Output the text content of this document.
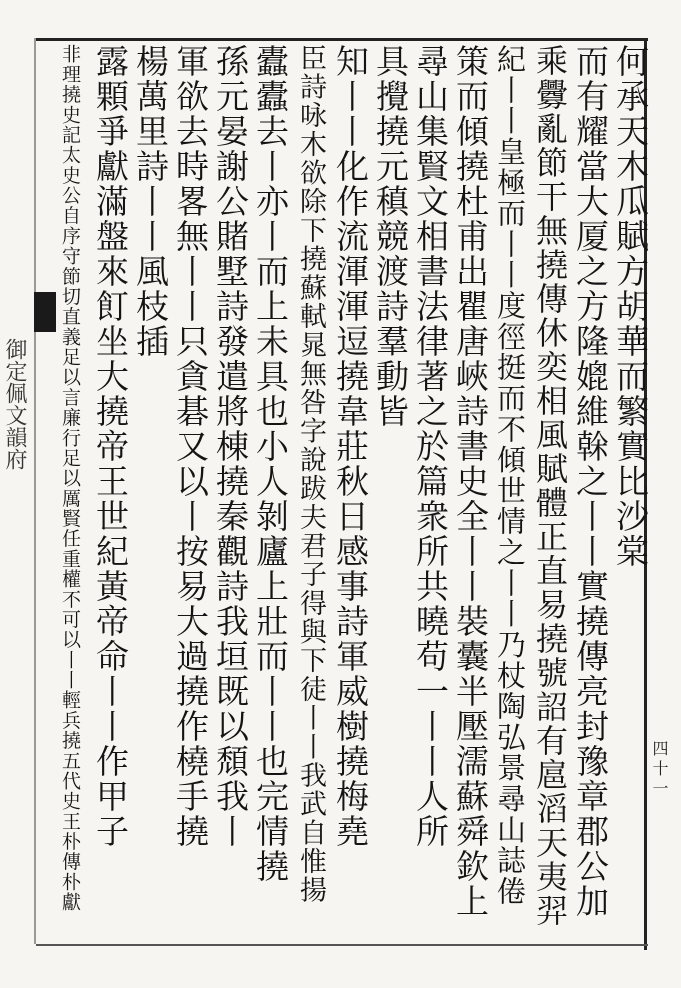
御定佩文韻府
四十一
何承天木瓜賦方胡華而繁實比沙棠
而有耀當大厦之方隆媲維榦之丨丨實撓傳亮封豫章郡公加
乘釁亂節干無撓傳休奕相風賦體正直易撓號詔有扈滔天夷羿
紀丨丨皇極而丨丨度徑挺而不傾世情之丨丨乃杖陶弘景尋山誌倦
策而傾撓杜甫出瞿唐峽詩書史全丨丨裝囊半壓濡蘇舜欽上
尋山集賢文相書法律著之於篇衆所共曉苟一丨丨人所
具攪撓元稹競渡詩羣動皆
知丨丨化作流渾渾逗撓韋莊秋日感事詩軍威樹撓梅堯
臣詩咏木欲除下撓蘇軾晁無咎字說跋夫君子得與下徒丨丨我武自惟揚
蠹蠹去丨亦丨而上未具也小人剝廬上壯而丨丨也完情撓
孫元晏謝公賭墅詩發遣將棟撓秦觀詩我垣既以頹我丨
軍欲去時畧無丨丨只貪碁又以丨按易大過撓作橈手撓
楊萬里詩丨丨風枝插
露顆爭獻滿盤來飣坐大撓帝王世紀黃帝命丨丨作甲子
非理撓史記太史公自序守節切直義足以言廉行足以厲賢任重權不可以丨丨輕兵撓五代史王朴傳朴獻
